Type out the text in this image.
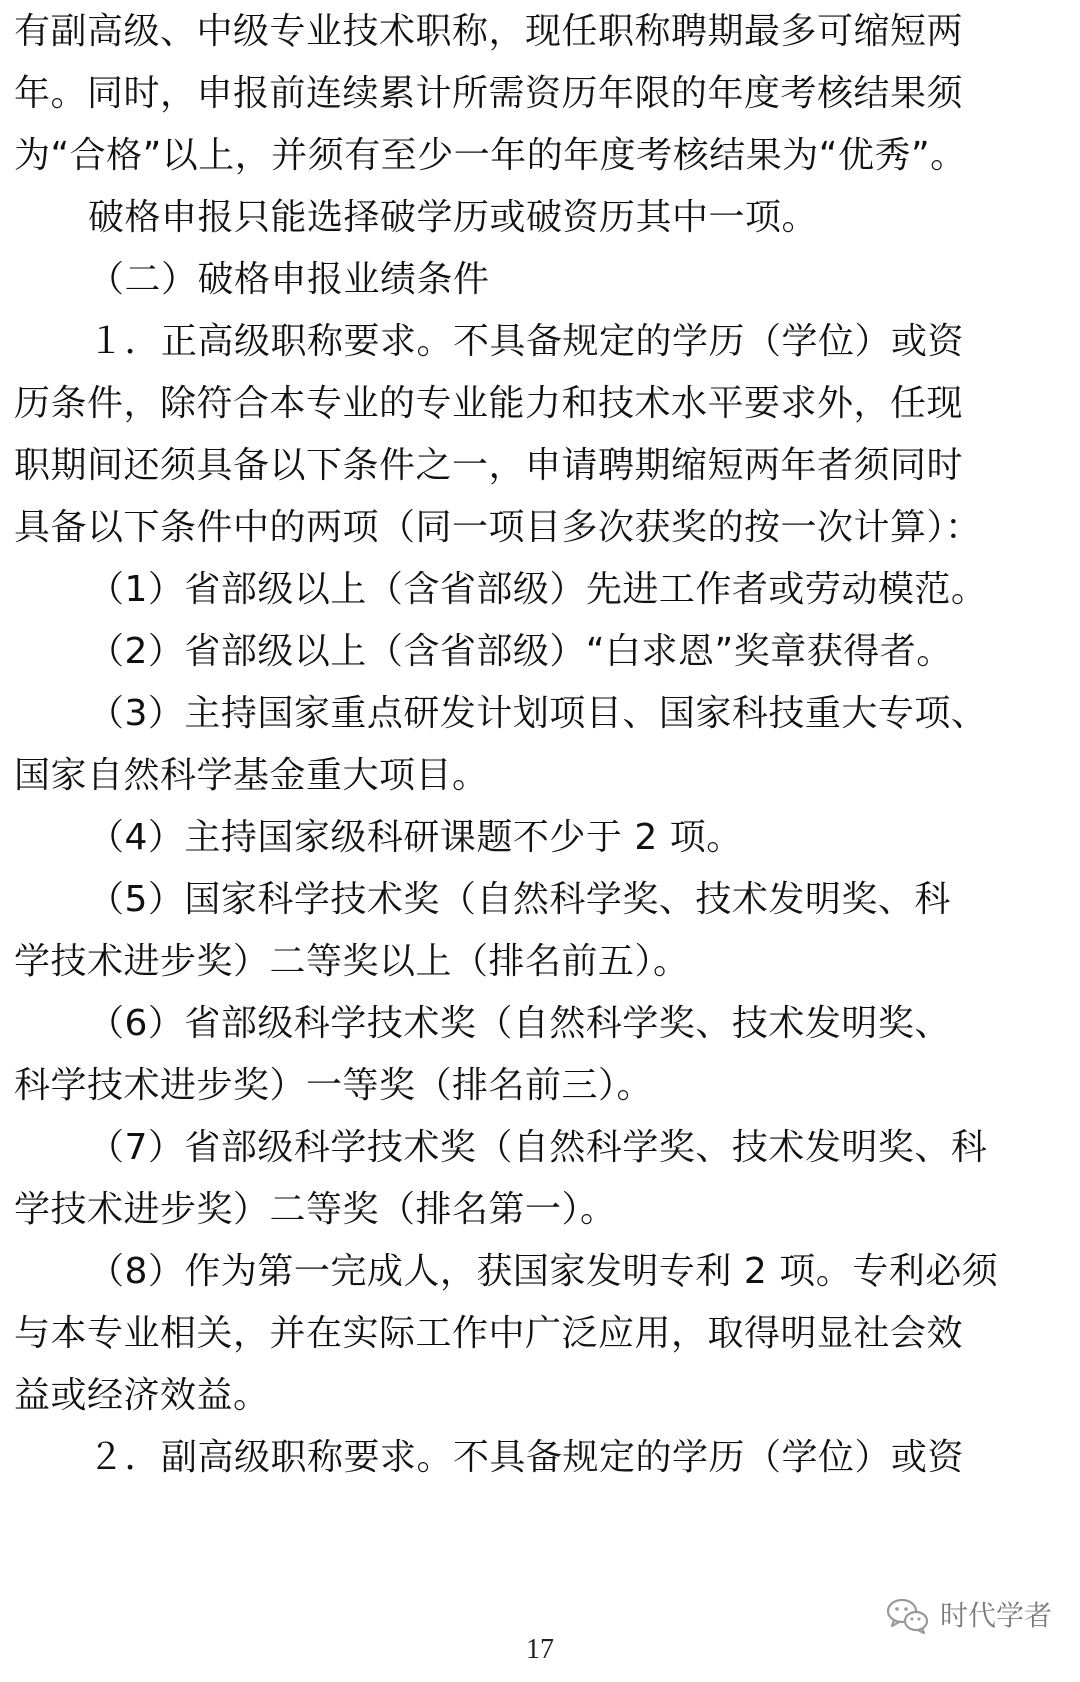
有副高级、中级专业技术职称，现任职称聘期最多可缩短两
年。同时，申报前连续累计所需资历年限的年度考核结果须
为“合格”以上，并须有至少一年的年度考核结果为“优秀”。
破格申报只能选择破学历或破资历其中一项。
（二）破格申报业绩条件
１．正高级职称要求。不具备规定的学历（学位）或资
历条件，除符合本专业的专业能力和技术水平要求外，任现
职期间还须具备以下条件之一，申请聘期缩短两年者须同时
具备以下条件中的两项（同一项目多次获奖的按一次计算）：
（1）省部级以上（含省部级）先进工作者或劳动模范。
（2）省部级以上（含省部级）“白求恩”奖章获得者。
（3）主持国家重点研发计划项目、国家科技重大专项、
国家自然科学基金重大项目。
（4）主持国家级科研课题不少于 2 项。
（5）国家科学技术奖（自然科学奖、技术发明奖、科
学技术进步奖）二等奖以上（排名前五）。
（6）省部级科学技术奖（自然科学奖、技术发明奖、
科学技术进步奖）一等奖（排名前三）。
（7）省部级科学技术奖（自然科学奖、技术发明奖、科
学技术进步奖）二等奖（排名第一）。
（8）作为第一完成人，获国家发明专利 2 项。专利必须
与本专业相关，并在实际工作中广泛应用，取得明显社会效
益或经济效益。
２．副高级职称要求。不具备规定的学历（学位）或资
时代学者
17
